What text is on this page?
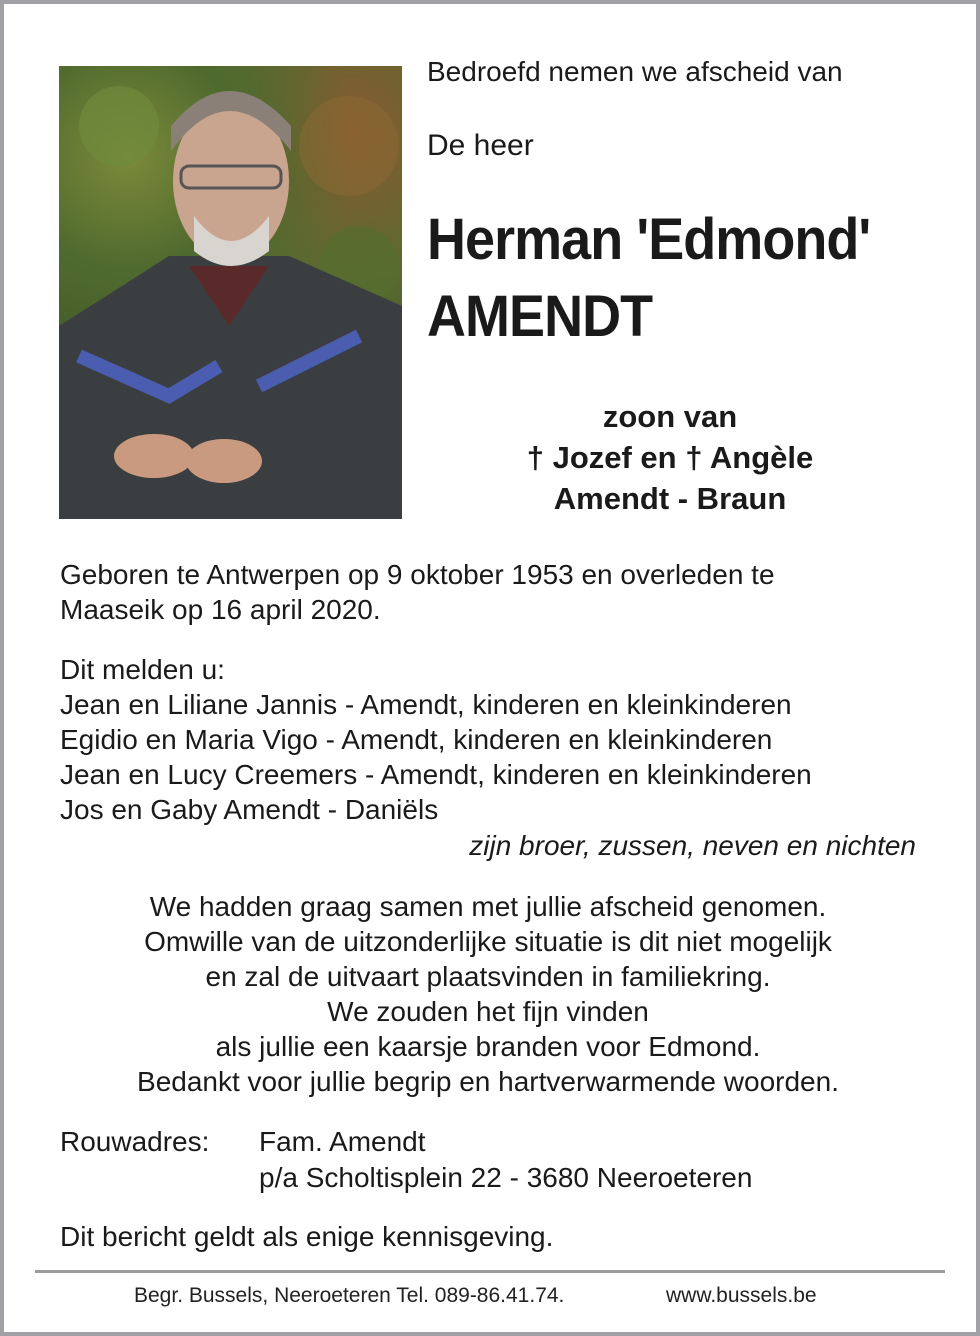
Bedroefd nemen we afscheid van
De heer
Herman 'Edmond'
AMENDT
zoon van
† Jozef en † Angèle
Amendt - Braun
Geboren te Antwerpen op 9 oktober 1953 en overleden te
Maaseik op 16 april 2020.
Dit melden u:
Jean en Liliane Jannis - Amendt, kinderen en kleinkinderen
Egidio en Maria Vigo - Amendt, kinderen en kleinkinderen
Jean en Lucy Creemers - Amendt, kinderen en kleinkinderen
Jos en Gaby Amendt - Daniëls
zijn broer, zussen, neven en nichten
We hadden graag samen met jullie afscheid genomen.
Omwille van de uitzonderlijke situatie is dit niet mogelijk
en zal de uitvaart plaatsvinden in familiekring.
We zouden het fijn vinden
als jullie een kaarsje branden voor Edmond.
Bedankt voor jullie begrip en hartverwarmende woorden.
Rouwadres: Fam. Amendt
p/a Scholtisplein 22 - 3680 Neeroeteren
Dit bericht geldt als enige kennisgeving.
Begr. Bussels, Neeroeteren Tel. 089-86.41.74.	www.bussels.be
